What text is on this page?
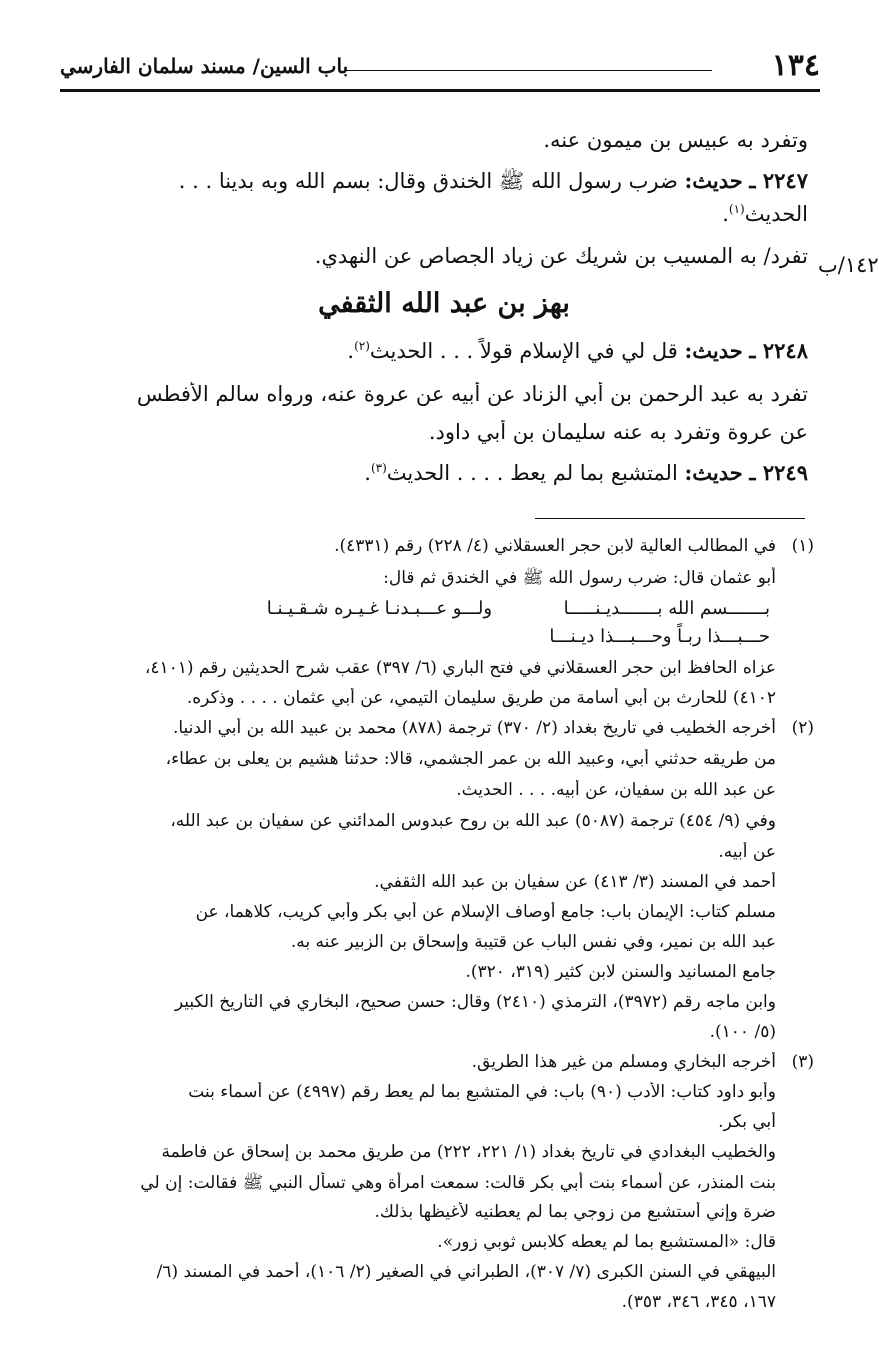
١٣٤
باب السين/ مسند سلمان الفارسي
وتفرد به عبيس بن ميمون عنه.
٢٢٤٧ ـ حديث: ضرب رسول الله ﷺ الخندق وقال: بسم الله وبه بدينا . . .
الحديث$^{(١)}$.
تفرد/ به المسيب بن شريك عن زياد الجصاص عن النهدي. ١٤٢/ب
بهز بن عبد الله الثقفي
٢٢٤٨ ـ حديث: قل لي في الإسلام قولاً . . . الحديث$^{(٢)}$.
تفرد به عبد الرحمن بن أبي الزناد عن أبيه عن عروة عنه، ورواه سالم الأفطس
عن عروة وتفرد به عنه سليمان بن أبي داود.
٢٢٤٩ ـ حديث: المتشبع بما لم يعط . . . . الحديث$^{(٣)}$.
(١)
في المطالب العالية لابن حجر العسقلاني (٤/ ٢٢٨) رقم (٤٣٣١).
أبو عثمان قال: ضرب رسول الله ﷺ في الخندق ثم قال:
بـــــــسم الله بـــــــديـنـــــا  ولـــو عـــبـدنـا غـيـره شـقـيـنـا
حـــبـــذا ربـاً وحـــبـــذا ديـنـــا
عزاه الحافظ ابن حجر العسقلاني في فتح الباري (٦/ ٣٩٧) عقب شرح الحديثين رقم (٤١٠١،
٤١٠٢) للحارث بن أبي أسامة من طريق سليمان التيمي، عن أبي عثمان . . . . وذكره.
(٢)
أخرجه الخطيب في تاريخ بغداد (٢/ ٣٧٠) ترجمة (٨٧٨) محمد بن عبيد الله بن أبي الدنيا.
من طريقه حدثني أبي، وعبيد الله بن عمر الجشمي، قالا: حدثنا هشيم بن يعلى بن عطاء،
عن عبد الله بن سفيان، عن أبيه. . . . الحديث.
وفي (٩/ ٤٥٤) ترجمة (٥٠٨٧) عبد الله بن روح عبدوس المدائني عن سفيان بن عبد الله،
عن أبيه.
أحمد في المسند (٣/ ٤١٣) عن سفيان بن عبد الله الثقفي.
مسلم كتاب: الإيمان باب: جامع أوصاف الإسلام عن أبي بكر وأبي كريب، كلاهما، عن
عبد الله بن نمير، وفي نفس الباب عن قتيبة وإسحاق بن الزبير عنه به.
جامع المسانيد والسنن لابن كثير (٣١٩، ٣٢٠).
وابن ماجه رقم (٣٩٧٢)، الترمذي (٢٤١٠) وقال: حسن صحيح، البخاري في التاريخ الكبير
(٥/ ١٠٠).
(٣)
أخرجه البخاري ومسلم من غير هذا الطريق.
وأبو داود كتاب: الأدب (٩٠) باب: في المتشبع بما لم يعط رقم (٤٩٩٧) عن أسماء بنت
أبي بكر.
والخطيب البغدادي في تاريخ بغداد (١/ ٢٢١، ٢٢٢) من طريق محمد بن إسحاق عن فاطمة
بنت المنذر، عن أسماء بنت أبي بكر قالت: سمعت امرأة وهي تسأل النبي ﷺ فقالت: إن لي
ضرة وإني أستشبع من زوجي بما لم يعطنيه لأغيظها بذلك.
قال: «المستشبع بما لم يعطه كلابس ثوبي زور».
البيهقي في السنن الكبرى (٧/ ٣٠٧)، الطبراني في الصغير (٢/ ١٠٦)، أحمد في المسند (٦/
١٦٧، ٣٤٥، ٣٤٦، ٣٥٣).
